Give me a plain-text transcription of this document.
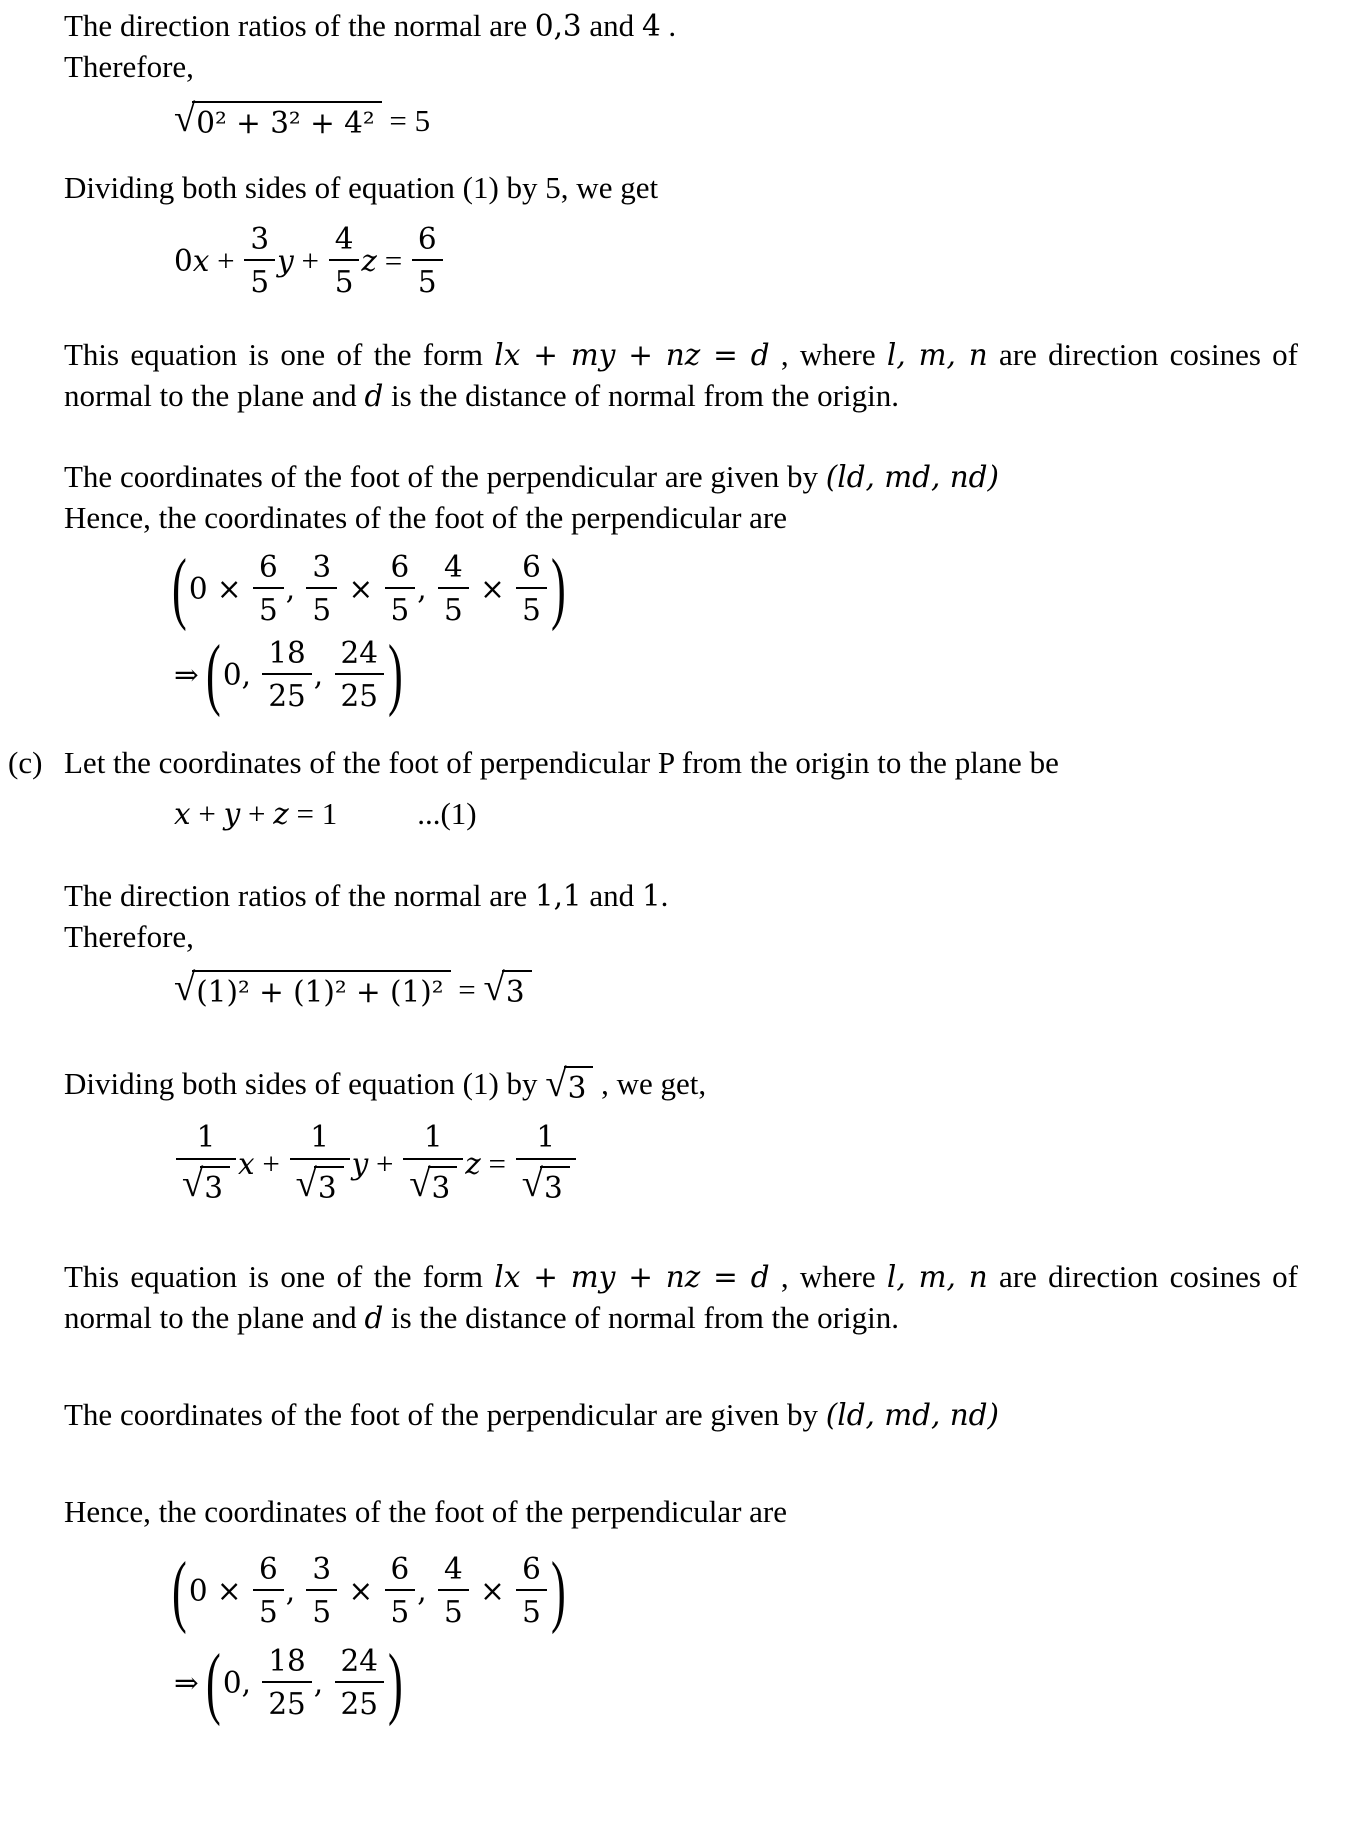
The direction ratios of the normal are 0,3 and 4 .
Therefore,
√ 0² + 3² + 4² = 5
Dividing both sides of equation (1) by 5, we get
0 $x + \frac{3}{5}$ $y + \frac{4}{5}$ $z = \frac{6}{5}$
This equation is one of the form lx + my + nz = d , where l, m, n are direction cosines of normal to the plane and d is the distance of normal from the origin.
The coordinates of the foot of the perpendicular are given by (ld, md, nd)
Hence, the coordinates of the foot of the perpendicular are
( $0 \times \frac{6}{5}$ , $\frac{3}{5} \times \frac{6}{5}$ , $\frac{4}{5} \times \frac{6}{5}$ )
⇒
( 0, $\frac{18}{25}$ , $\frac{24}{25}$ )
(c) Let the coordinates of the foot of perpendicular P from the origin to the plane be
x + y + z = 1	...(1)
The direction ratios of the normal are 1,1 and 1.
Therefore,
√ (1)² + (1)² + (1)² = √ 3
Dividing both sides of equation (1) by √ 3 , we get,
$\frac{1}{√ 3}$ $x + \frac{1}{√ 3}$ $y + \frac{1}{√ 3}$ $z = \frac{1}{√ 3}$
This equation is one of the form lx + my + nz = d , where l, m, n are direction cosines of normal to the plane and d is the distance of normal from the origin.
The coordinates of the foot of the perpendicular are given by (ld, md, nd)
Hence, the coordinates of the foot of the perpendicular are
( $0 \times \frac{6}{5}$ , $\frac{3}{5} \times \frac{6}{5}$ , $\frac{4}{5} \times \frac{6}{5}$ )
⇒
( 0, $\frac{18}{25}$ , $\frac{24}{25}$ )
